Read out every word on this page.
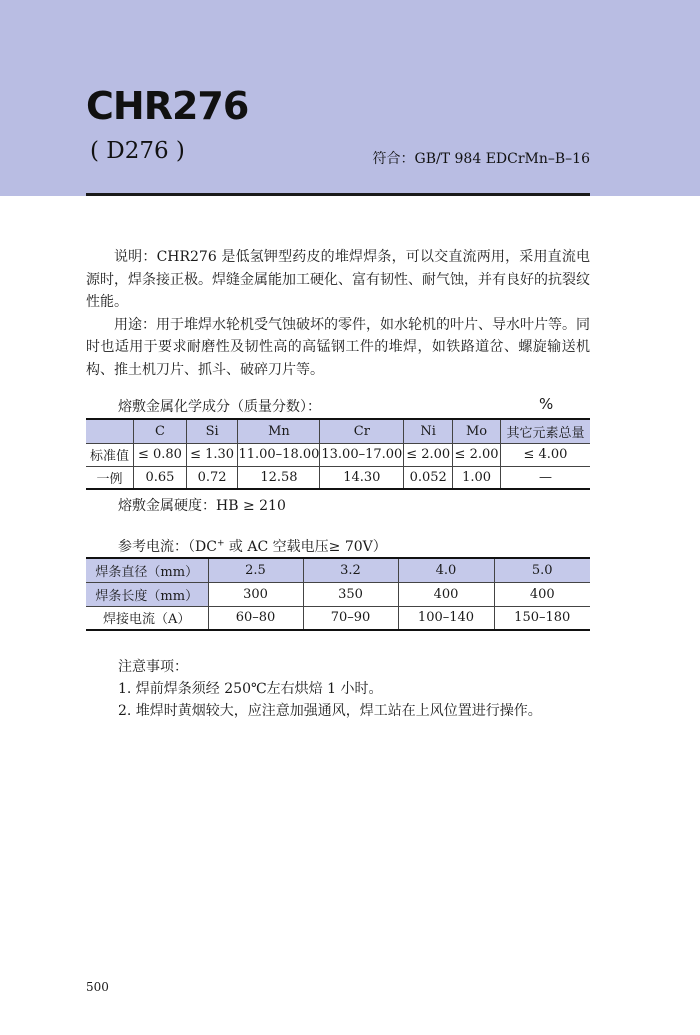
CHR276
( D276 )	符合：GB/T 984 EDCrMn–B–16

说明：CHR276 是低氢钾型药皮的堆焊焊条，可以交直流两用，采用直流电源时，焊条接正极。焊缝金属能加工硬化、富有韧性、耐气蚀，并有良好的抗裂纹性能。

用途：用于堆焊水轮机受气蚀破坏的零件，如水轮机的叶片、导水叶片等。同时也适用于要求耐磨性及韧性高的高锰钢工件的堆焊，如铁路道岔、螺旋输送机构、推土机刀片、抓斗、破碎刀片等。

熔敷金属化学成分（质量分数）：	%
	C	Si	Mn	Cr	Ni	Mo	其它元素总量
标准值	≤ 0.80	≤ 1.30	11.00–18.00	13.00–17.00	≤ 2.00	≤ 2.00	≤ 4.00
一例	0.65	0.72	12.58	14.30	0.052	1.00	—
熔敷金属硬度：HB ≥ 210
参考电流：（DC+ 或 AC 空载电压≥ 70V）
焊条直径（mm）	2.5	3.2	4.0	5.0
焊条长度（mm）	300	350	400	400
焊接电流（A）	60–80	70–90	100–140	150–180
注意事项：
1. 焊前焊条须经 250℃左右烘焙 1 小时。
2. 堆焊时黄烟较大，应注意加强通风，焊工站在上风位置进行操作。
500
